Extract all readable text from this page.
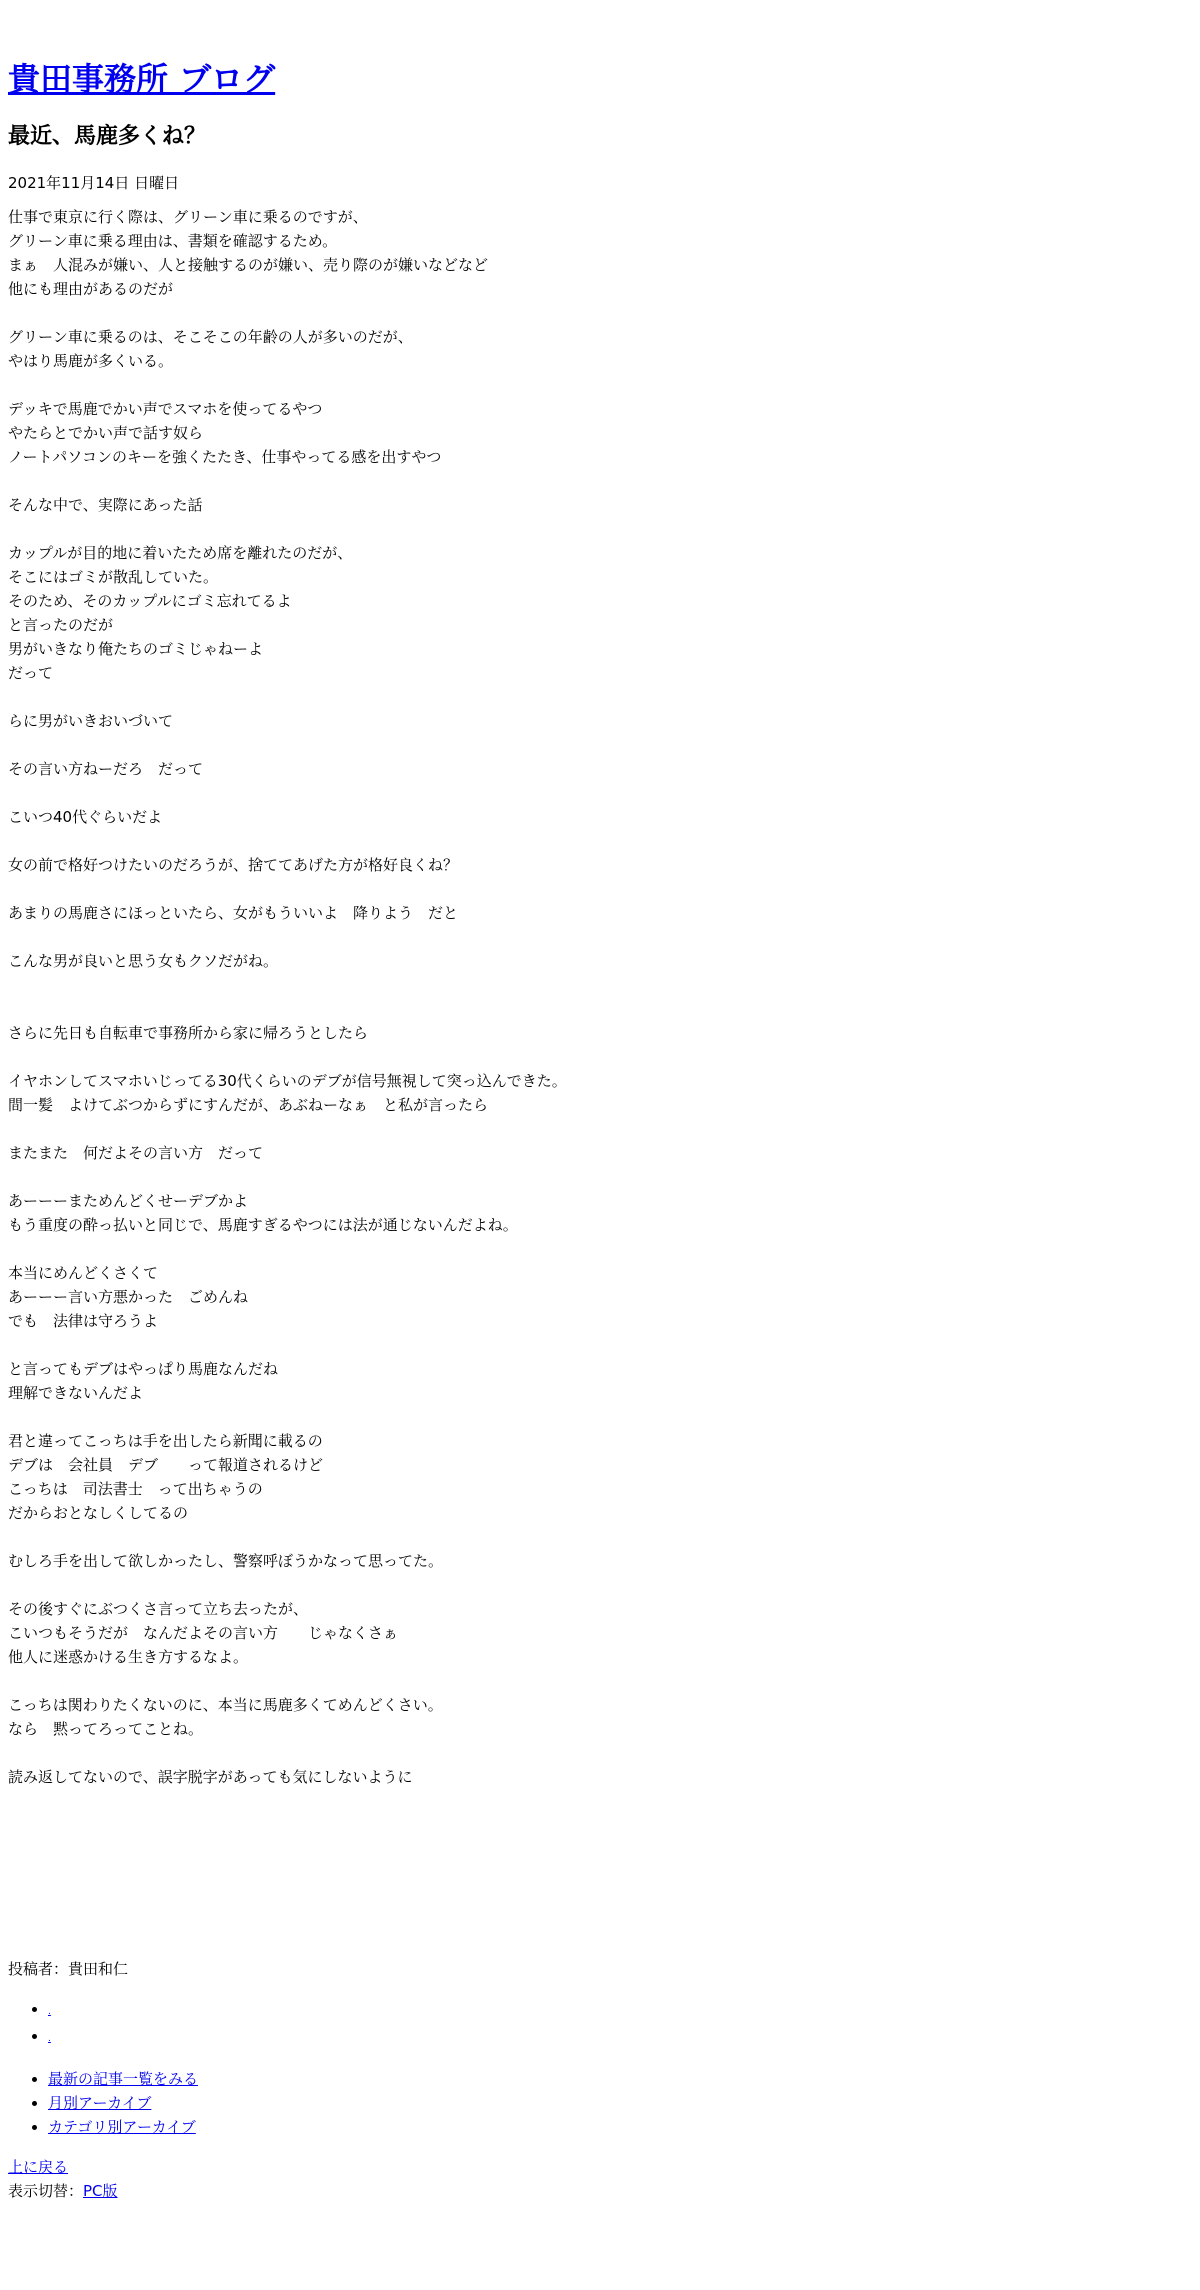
貴田事務所 ブログ
最近、馬鹿多くね？
2021年11月14日 日曜日
仕事で東京に行く際は、グリーン車に乗るのですが、
グリーン車に乗る理由は、書類を確認するため。
まぁ　人混みが嫌い、人と接触するのが嫌い、売り際のが嫌いなどなど
他にも理由があるのだが

グリーン車に乗るのは、そこそこの年齢の人が多いのだが、
やはり馬鹿が多くいる。

デッキで馬鹿でかい声でスマホを使ってるやつ
やたらとでかい声で話す奴ら
ノートパソコンのキーを強くたたき、仕事やってる感を出すやつ

そんな中で、実際にあった話

カップルが目的地に着いたため席を離れたのだが、
そこにはゴミが散乱していた。
そのため、そのカップルにゴミ忘れてるよ
と言ったのだが
男がいきなり俺たちのゴミじゃねーよ
だって

らに男がいきおいづいて

その言い方ねーだろ　だって

こいつ40代ぐらいだよ

女の前で格好つけたいのだろうが、捨ててあげた方が格好良くね？

あまりの馬鹿さにほっといたら、女がもういいよ　降りよう　だと

こんな男が良いと思う女もクソだがね。

さらに先日も自転車で事務所から家に帰ろうとしたら

イヤホンしてスマホいじってる30代くらいのデブが信号無視して突っ込んできた。
間一髪　よけてぶつからずにすんだが、あぶねーなぁ　と私が言ったら

またまた　何だよその言い方　だって

あーーーまためんどくせーデブかよ
もう重度の酔っ払いと同じで、馬鹿すぎるやつには法が通じないんだよね。

本当にめんどくさくて
あーーー言い方悪かった　ごめんね
でも　法律は守ろうよ

と言ってもデブはやっぱり馬鹿なんだね
理解できないんだよ

君と違ってこっちは手を出したら新聞に載るの
デブは　会社員　デブ　　って報道されるけど
こっちは　司法書士　って出ちゃうの
だからおとなしくしてるの

むしろ手を出して欲しかったし、警察呼ぼうかなって思ってた。

その後すぐにぶつくさ言って立ち去ったが、
こいつもそうだが　なんだよその言い方　　じゃなくさぁ
他人に迷惑かける生き方するなよ。

こっちは関わりたくないのに、本当に馬鹿多くてめんどくさい。
なら　黙ってろってことね。

読み返してないので、誤字脱字があっても気にしないように
投稿者：貴田和仁
• .
• .
• 最新の記事一覧をみる
• 月別アーカイブ
• カテゴリ別アーカイブ
上に戻る
表示切替：PC版
